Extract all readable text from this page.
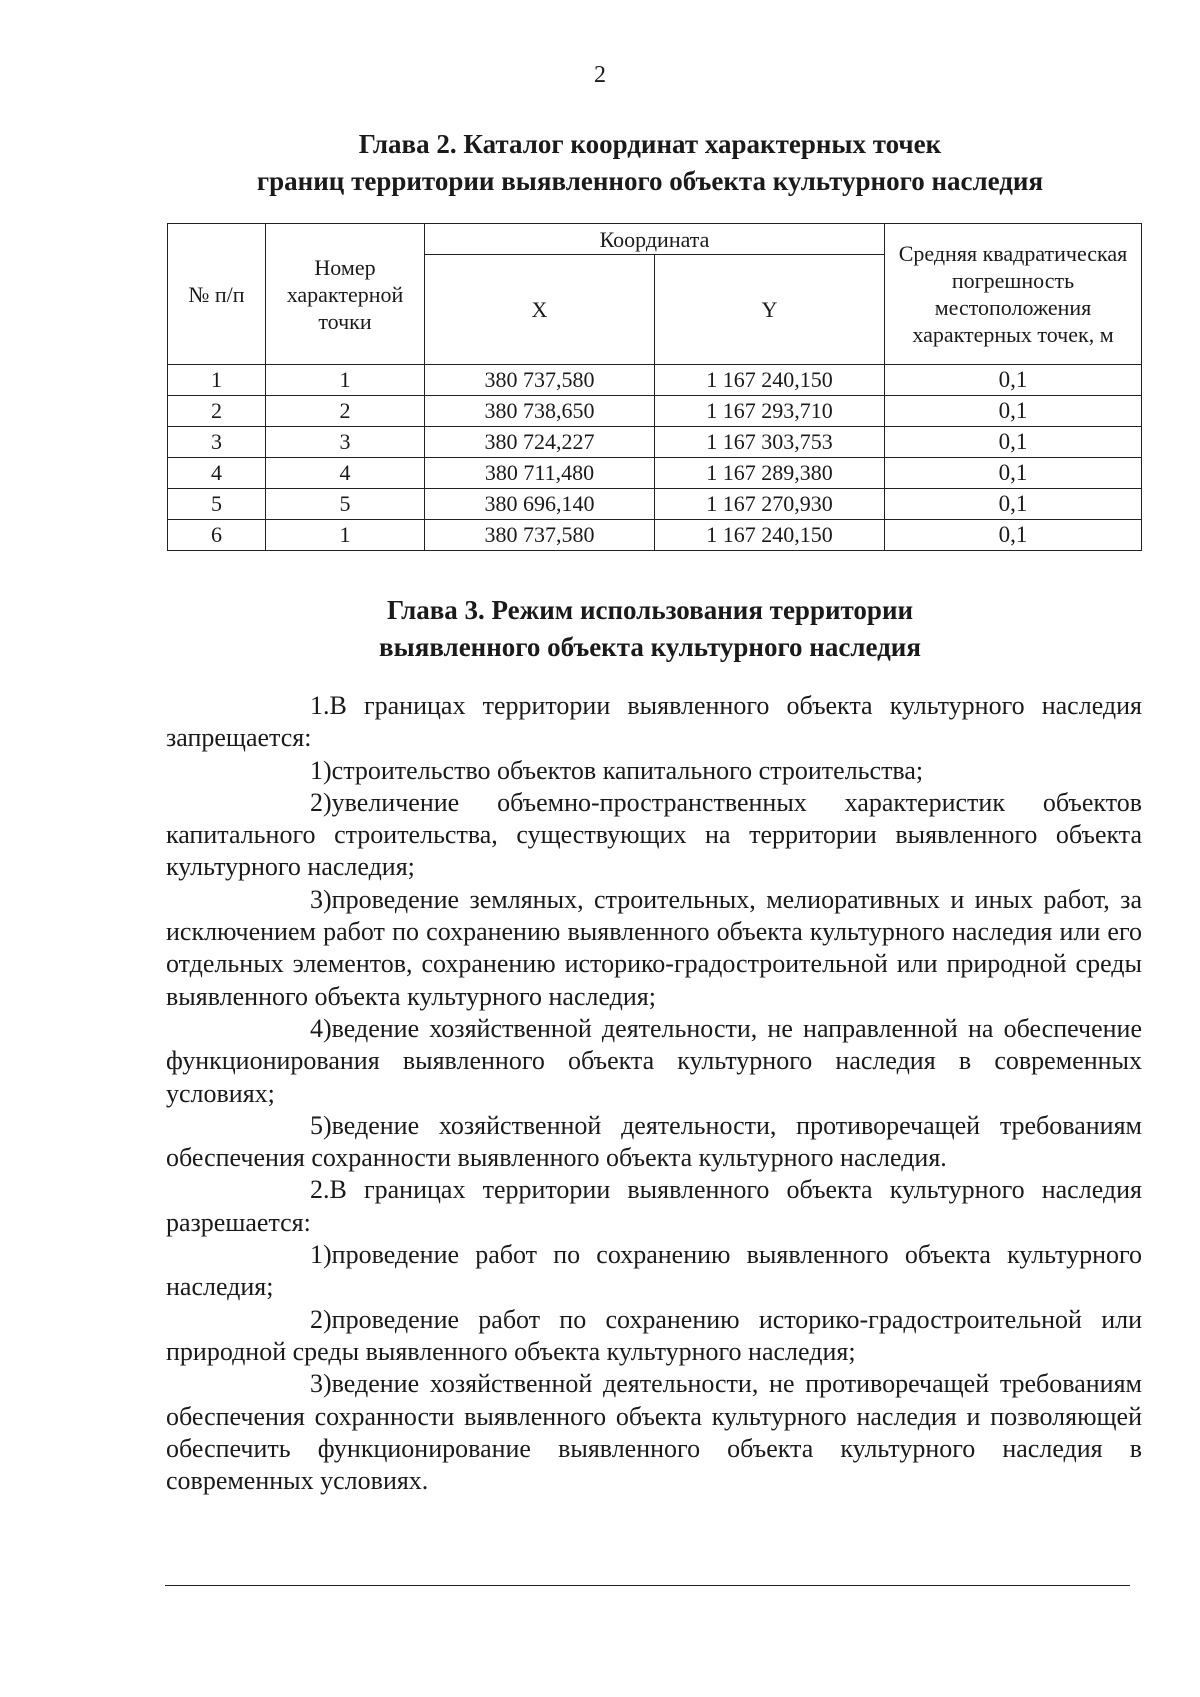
2
Глава 2. Каталог координат характерных точек
границ территории выявленного объекта культурного наследия
№ п/п	Номер характерной точки	Координата		Средняя квадратическая погрешность местоположения характерных точек, м
		X	Y	
1	1	380 737,580	1 167 240,150	0,1
2	2	380 738,650	1 167 293,710	0,1
3	3	380 724,227	1 167 303,753	0,1
4	4	380 711,480	1 167 289,380	0,1
5	5	380 696,140	1 167 270,930	0,1
6	1	380 737,580	1 167 240,150	0,1
Глава 3. Режим использования территории
выявленного объекта культурного наследия

1.В границах территории выявленного объекта культурного наследия запрещается:

1)строительство объектов капитального строительства;

2)увеличение объемно-пространственных характеристик объектов капитального строительства, существующих на территории выявленного объекта культурного наследия;

3)проведение земляных, строительных, мелиоративных и иных работ, за исключением работ по сохранению выявленного объекта культурного наследия или его отдельных элементов, сохранению историко-градостроительной или природной среды выявленного объекта культурного наследия;

4)ведение хозяйственной деятельности, не направленной на обеспечение функционирования выявленного объекта культурного наследия в современных условиях;

5)ведение хозяйственной деятельности, противоречащей требованиям обеспечения сохранности выявленного объекта культурного наследия.

2.В границах территории выявленного объекта культурного наследия разрешается:

1)проведение работ по сохранению выявленного объекта культурного наследия;

2)проведение работ по сохранению историко-градостроительной или природной среды выявленного объекта культурного наследия;

3)ведение хозяйственной деятельности, не противоречащей требованиям обеспечения сохранности выявленного объекта культурного наследия и позволяющей обеспечить функционирование выявленного объекта культурного наследия в современных условиях.
